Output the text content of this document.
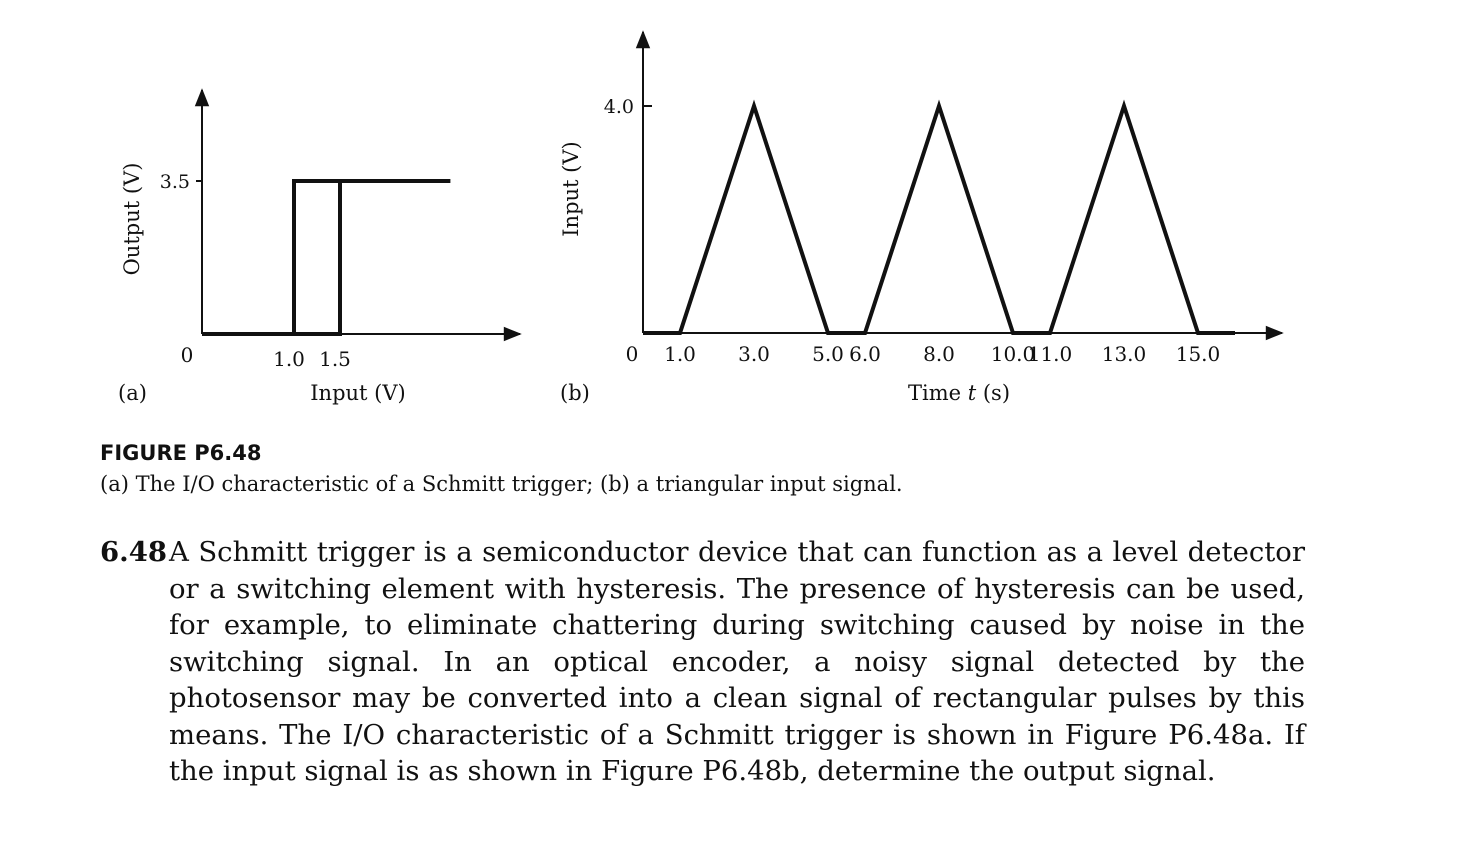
3.5
0	1.0 1.5
Input (V)
Output (V)
(a)
4.0
0 1.0 3.0 5.0 6.0 8.0 10.0
11.0 13.0 15.0
Time t (s)
Input (V)
(b)
FIGURE P6.48
(a) The I/O characteristic of a Schmitt trigger; (b) a triangular input signal.
6.48 A Schmitt trigger is a semiconductor device that can function as a level detector or a switching element with hysteresis. The presence of hysteresis can be used, for example, to eliminate chattering during switching caused by noise in the switching signal. In an optical encoder, a noisy signal detected by the photosensor may be converted into a clean signal of rectangular pulses by this means. The I/O characteristic of a Schmitt trigger is shown in Figure P6.48a. If the input signal is as shown in Figure P6.48b, determine the output signal.
